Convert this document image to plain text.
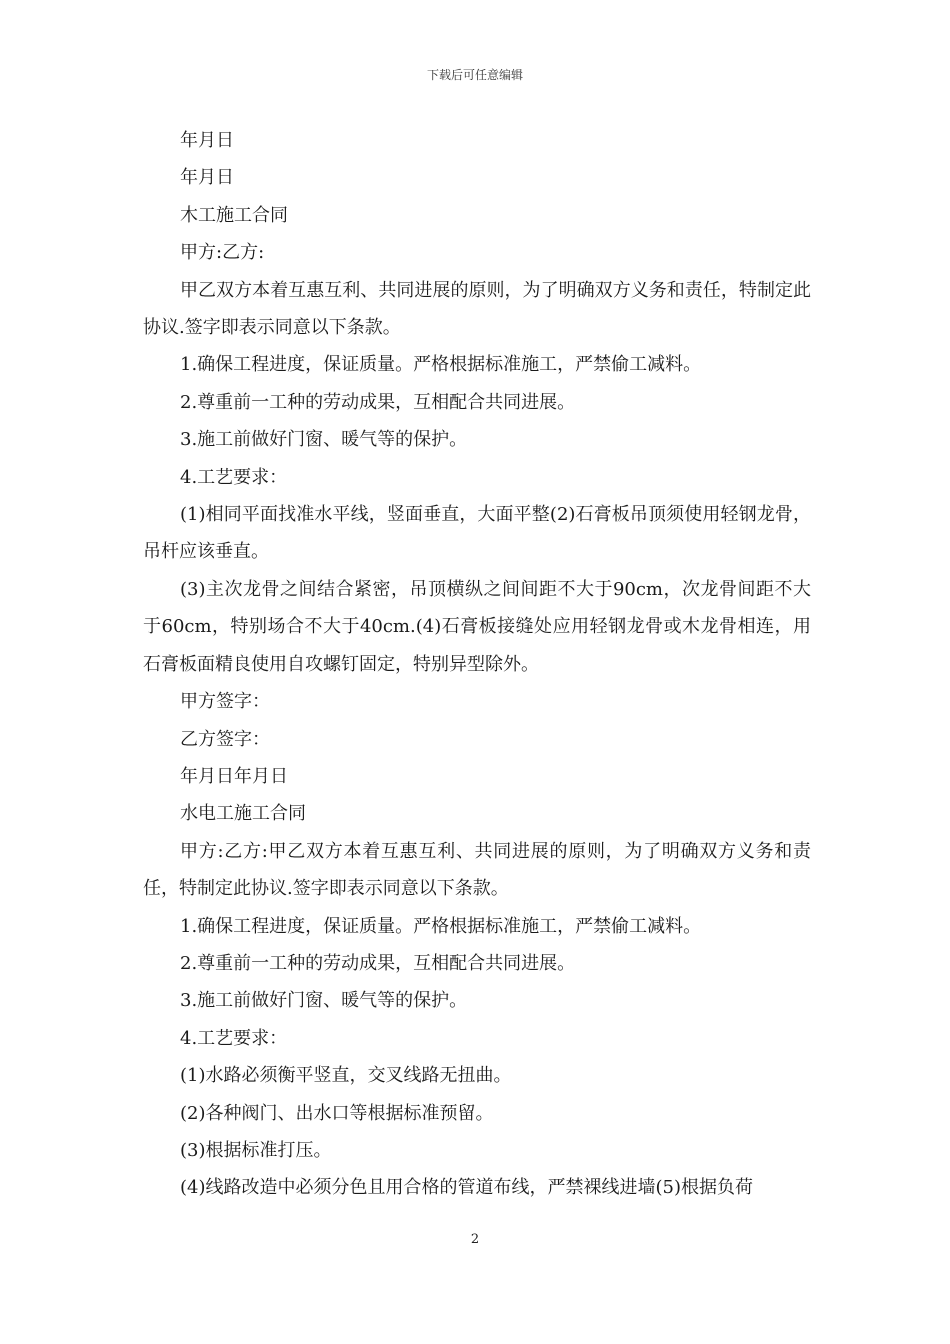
下载后可任意编辑

年月日

年月日

木工施工合同

甲方:乙方:

甲乙双方本着互惠互利、共同进展的原则，为了明确双方义务和责任，特制定此协议.签字即表示同意以下条款。

1.确保工程进度，保证质量。严格根据标准施工，严禁偷工减料。

2.尊重前一工种的劳动成果，互相配合共同进展。

3.施工前做好门窗、暖气等的保护。

4.工艺要求：

(1)相同平面找准水平线，竖面垂直，大面平整(2)石膏板吊顶须使用轻钢龙骨，吊杆应该垂直。

(3)主次龙骨之间结合紧密，吊顶横纵之间间距不大于90cm，次龙骨间距不大于60cm，特别场合不大于40cm.(4)石膏板接缝处应用轻钢龙骨或木龙骨相连，用石膏板面精良使用自攻螺钉固定，特别异型除外。

甲方签字：

乙方签字：

年月日年月日

水电工施工合同

甲方:乙方:甲乙双方本着互惠互利、共同进展的原则，为了明确双方义务和责任，特制定此协议.签字即表示同意以下条款。

1.确保工程进度，保证质量。严格根据标准施工，严禁偷工减料。

2.尊重前一工种的劳动成果，互相配合共同进展。

3.施工前做好门窗、暖气等的保护。

4.工艺要求：

(1)水路必须衡平竖直，交叉线路无扭曲。

(2)各种阀门、出水口等根据标准预留。

(3)根据标准打压。

(4)线路改造中必须分色且用合格的管道布线，严禁裸线进墙(5)根据负荷

2
